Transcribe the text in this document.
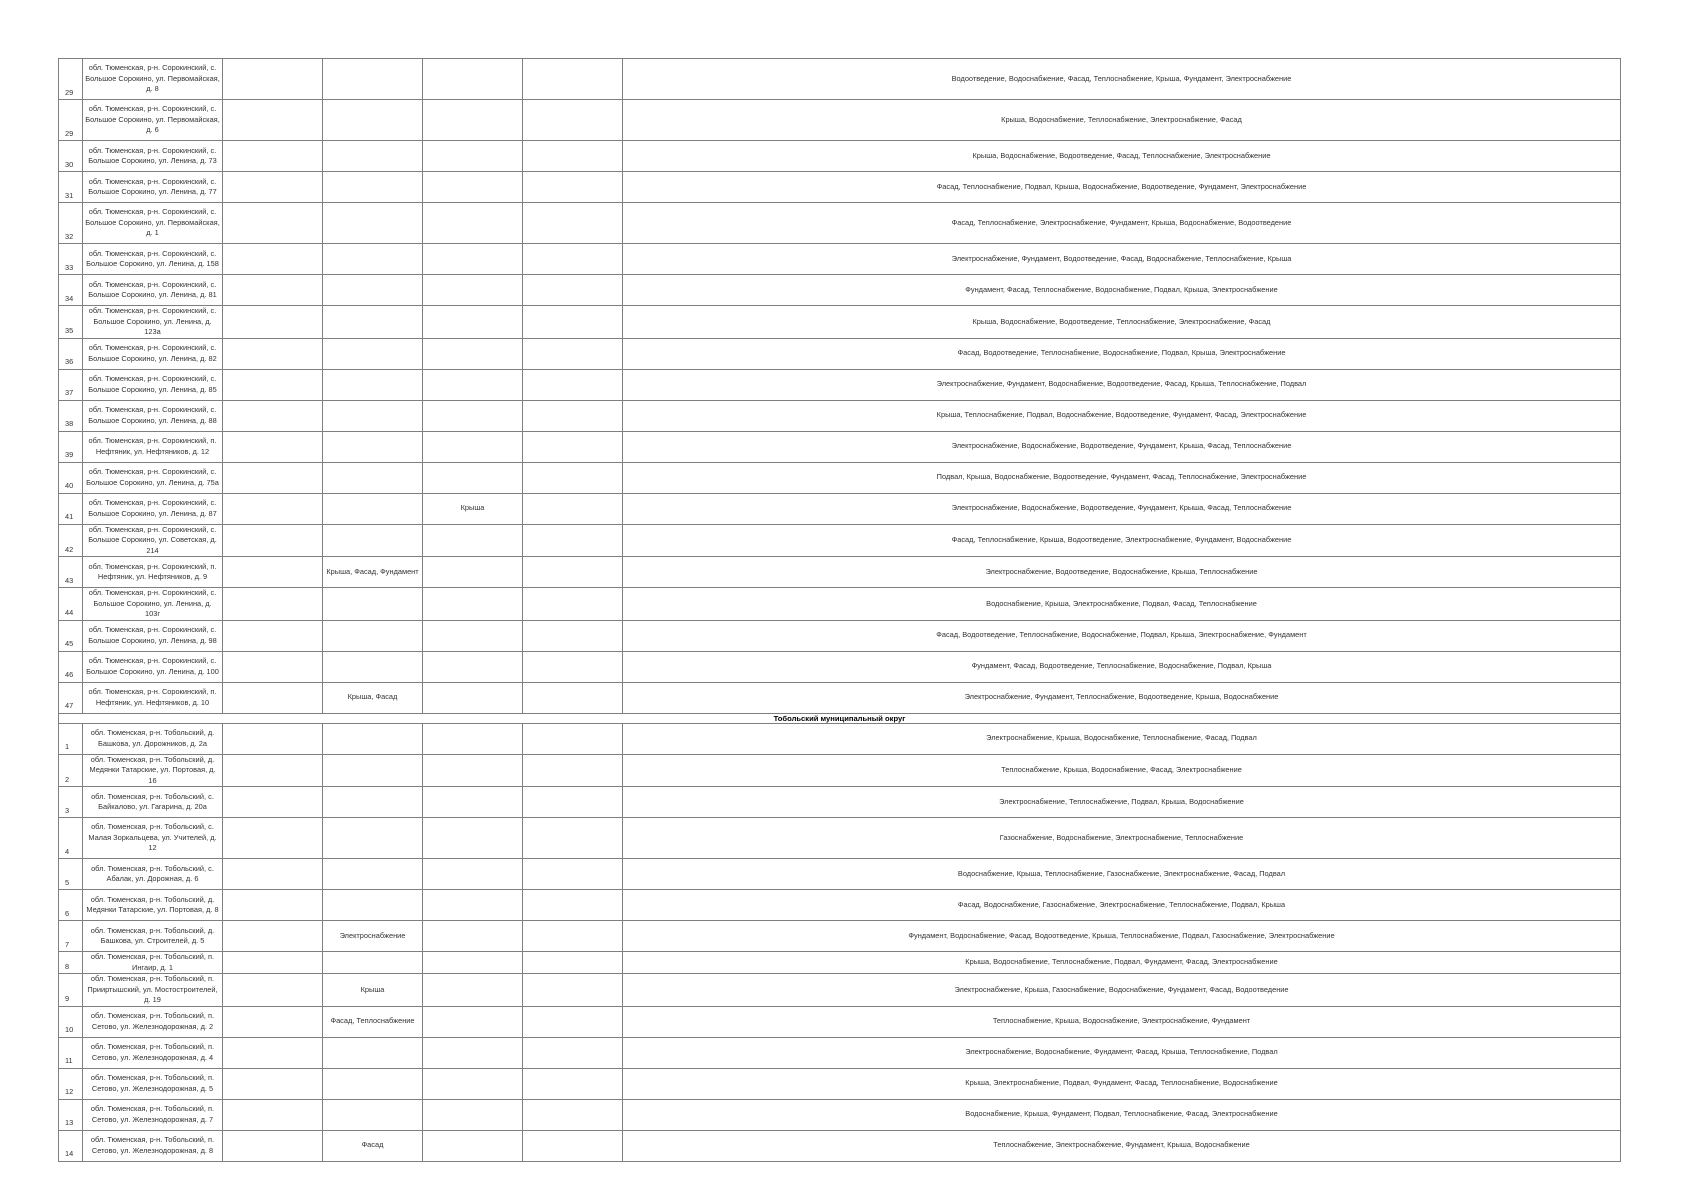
29	обл. Тюменская, р-н. Сорокинский, с. Большое Сорокино, ул. Первомайская, д. 8					Водоотведение, Водоснабжение, Фасад, Теплоснабжение, Крыша, Фундамент, Электроснабжение
29	обл. Тюменская, р-н. Сорокинский, с. Большое Сорокино, ул. Первомайская, д. 6					Крыша, Водоснабжение, Теплоснабжение, Электроснабжение, Фасад
30	обл. Тюменская, р-н. Сорокинский, с. Большое Сорокино, ул. Ленина, д. 73					Крыша, Водоснабжение, Водоотведение, Фасад, Теплоснабжение, Электроснабжение
31	обл. Тюменская, р-н. Сорокинский, с. Большое Сорокино, ул. Ленина, д. 77					Фасад, Теплоснабжение, Подвал, Крыша, Водоснабжение, Водоотведение, Фундамент, Электроснабжение
32	обл. Тюменская, р-н. Сорокинский, с. Большое Сорокино, ул. Первомайская, д. 1					Фасад, Теплоснабжение, Электроснабжение, Фундамент, Крыша, Водоснабжение, Водоотведение
33	обл. Тюменская, р-н. Сорокинский, с. Большое Сорокино, ул. Ленина, д. 158					Электроснабжение, Фундамент, Водоотведение, Фасад, Водоснабжение, Теплоснабжение, Крыша
34	обл. Тюменская, р-н. Сорокинский, с. Большое Сорокино, ул. Ленина, д. 81					Фундамент, Фасад, Теплоснабжение, Водоснабжение, Подвал, Крыша, Электроснабжение
35	обл. Тюменская, р-н. Сорокинский, с. Большое Сорокино, ул. Ленина, д. 123а					Крыша, Водоснабжение, Водоотведение, Теплоснабжение, Электроснабжение, Фасад
36	обл. Тюменская, р-н. Сорокинский, с. Большое Сорокино, ул. Ленина, д. 82					Фасад, Водоотведение, Теплоснабжение, Водоснабжение, Подвал, Крыша, Электроснабжение
37	обл. Тюменская, р-н. Сорокинский, с. Большое Сорокино, ул. Ленина, д. 85					Электроснабжение, Фундамент, Водоснабжение, Водоотведение, Фасад, Крыша, Теплоснабжение, Подвал
38	обл. Тюменская, р-н. Сорокинский, с. Большое Сорокино, ул. Ленина, д. 88					Крыша, Теплоснабжение, Подвал, Водоснабжение, Водоотведение, Фундамент, Фасад, Электроснабжение
39	обл. Тюменская, р-н. Сорокинский, п. Нефтяник, ул. Нефтяников, д. 12					Электроснабжение, Водоснабжение, Водоотведение, Фундамент, Крыша, Фасад, Теплоснабжение
40	обл. Тюменская, р-н. Сорокинский, с. Большое Сорокино, ул. Ленина, д. 75а					Подвал, Крыша, Водоснабжение, Водоотведение, Фундамент, Фасад, Теплоснабжение, Электроснабжение
41	обл. Тюменская, р-н. Сорокинский, с. Большое Сорокино, ул. Ленина, д. 87			Крыша		Электроснабжение, Водоснабжение, Водоотведение, Фундамент, Крыша, Фасад, Теплоснабжение
42	обл. Тюменская, р-н. Сорокинский, с. Большое Сорокино, ул. Советская, д. 214					Фасад, Теплоснабжение, Крыша, Водоотведение, Электроснабжение, Фундамент, Водоснабжение
43	обл. Тюменская, р-н. Сорокинский, п. Нефтяник, ул. Нефтяников, д. 9		Крыша, Фасад, Фундамент			Электроснабжение, Водоотведение, Водоснабжение, Крыша, Теплоснабжение
44	обл. Тюменская, р-н. Сорокинский, с. Большое Сорокино, ул. Ленина, д. 103г					Водоснабжение, Крыша, Электроснабжение, Подвал, Фасад, Теплоснабжение
45	обл. Тюменская, р-н. Сорокинский, с. Большое Сорокино, ул. Ленина, д. 98					Фасад, Водоотведение, Теплоснабжение, Водоснабжение, Подвал, Крыша, Электроснабжение, Фундамент
46	обл. Тюменская, р-н. Сорокинский, с. Большое Сорокино, ул. Ленина, д. 100					Фундамент, Фасад, Водоотведение, Теплоснабжение, Водоснабжение, Подвал, Крыша
47	обл. Тюменская, р-н. Сорокинский, п. Нефтяник, ул. Нефтяников, д. 10		Крыша, Фасад			Электроснабжение, Фундамент, Теплоснабжение, Водоотведение, Крыша, Водоснабжение
Тобольский муниципальный округ						
1	обл. Тюменская, р-н. Тобольский, д. Башкова, ул. Дорожников, д. 2а					Электроснабжение, Крыша, Водоснабжение, Теплоснабжение, Фасад, Подвал
2	обл. Тюменская, р-н. Тобольский, д. Медянки Татарские, ул. Портовая, д. 16					Теплоснабжение, Крыша, Водоснабжение, Фасад, Электроснабжение
3	обл. Тюменская, р-н. Тобольский, с. Байкалово, ул. Гагарина, д. 20а					Электроснабжение, Теплоснабжение, Подвал, Крыша, Водоснабжение
4	обл. Тюменская, р-н. Тобольский, с. Малая Зоркальцева, ул. Учителей, д. 12					Газоснабжение, Водоснабжение, Электроснабжение, Теплоснабжение
5	обл. Тюменская, р-н. Тобольский, с. Абалак, ул. Дорожная, д. 6					Водоснабжение, Крыша, Теплоснабжение, Газоснабжение, Электроснабжение, Фасад, Подвал
6	обл. Тюменская, р-н. Тобольский, д. Медянки Татарские, ул. Портовая, д. 8					Фасад, Водоснабжение, Газоснабжение, Электроснабжение, Теплоснабжение, Подвал, Крыша
7	обл. Тюменская, р-н. Тобольский, д. Башкова, ул. Строителей, д. 5		Электроснабжение			Фундамент, Водоснабжение, Фасад, Водоотведение, Крыша, Теплоснабжение, Подвал, Газоснабжение, Электроснабжение
8	обл. Тюменская, р-н. Тобольский, п. Ингаир, д. 1					Крыша, Водоснабжение, Теплоснабжение, Подвал, Фундамент, Фасад, Электроснабжение
9	обл. Тюменская, р-н. Тобольский, п. Прииртышский, ул. Мостостроителей, д. 19		Крыша			Электроснабжение, Крыша, Газоснабжение, Водоснабжение, Фундамент, Фасад, Водоотведение
10	обл. Тюменская, р-н. Тобольский, п. Сетово, ул. Железнодорожная, д. 2		Фасад, Теплоснабжение			Теплоснабжение, Крыша, Водоснабжение, Электроснабжение, Фундамент
11	обл. Тюменская, р-н. Тобольский, п. Сетово, ул. Железнодорожная, д. 4					Электроснабжение, Водоснабжение, Фундамент, Фасад, Крыша, Теплоснабжение, Подвал
12	обл. Тюменская, р-н. Тобольский, п. Сетово, ул. Железнодорожная, д. 5					Крыша, Электроснабжение, Подвал, Фундамент, Фасад, Теплоснабжение, Водоснабжение
13	обл. Тюменская, р-н. Тобольский, п. Сетово, ул. Железнодорожная, д. 7					Водоснабжение, Крыша, Фундамент, Подвал, Теплоснабжение, Фасад, Электроснабжение
14	обл. Тюменская, р-н. Тобольский, п. Сетово, ул. Железнодорожная, д. 8		Фасад			Теплоснабжение, Электроснабжение, Фундамент, Крыша, Водоснабжение
